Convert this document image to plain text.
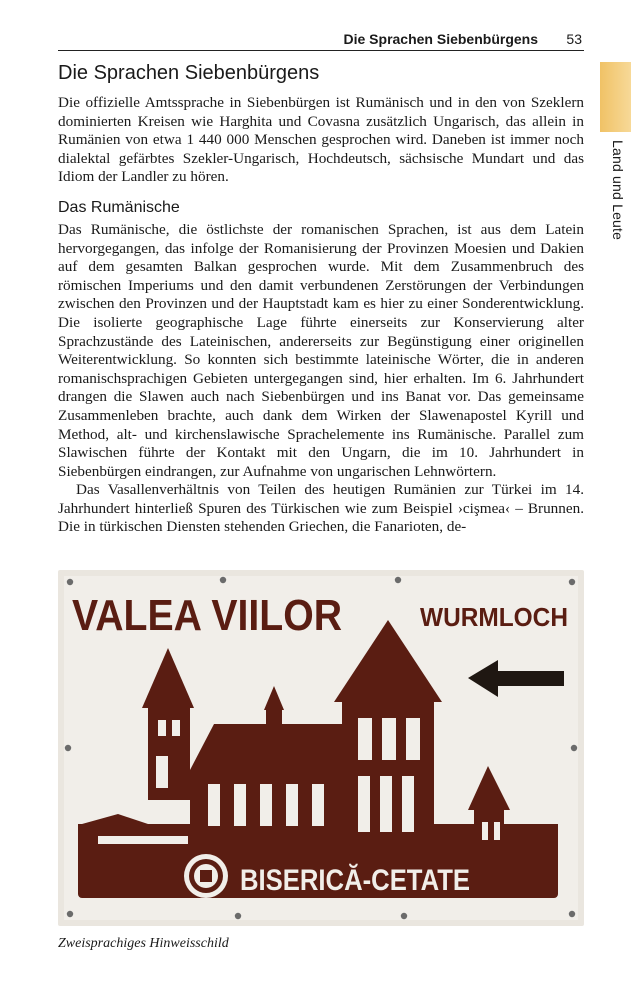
Die Sprachen Siebenbürgens 53
Land und Leute
Die Sprachen Siebenbürgens

Die offizielle Amtssprache in Siebenbürgen ist Rumänisch und in den von Szeklern dominierten Kreisen wie Harghita und Covasna zusätzlich Ungarisch, das allein in Rumänien von etwa 1 440 000 Menschen gesprochen wird. Daneben ist immer noch dialektal gefärbtes Szekler-Ungarisch, Hochdeutsch, sächsische Mundart und das Idiom der Landler zu hören.

Das Rumänische

Das Rumänische, die östlichste der romanischen Sprachen, ist aus dem Latein hervorgegangen, das infolge der Romanisierung der Provinzen Moesien und Dakien auf dem gesamten Balkan gesprochen wurde. Mit dem Zusammenbruch des römischen Imperiums und den damit verbundenen Zerstörungen der Verbindungen zwischen den Provinzen und der Hauptstadt kam es hier zu einer Sonderentwicklung. Die isolierte geographische Lage führte einerseits zur Konservierung alter Sprachzustände des Lateinischen, andererseits zur Begünstigung einer originellen Weiterentwicklung. So konnten sich bestimmte lateinische Wörter, die in anderen romanischsprachigen Gebieten untergegangen sind, hier erhalten. Im 6. Jahrhundert drangen die Slawen auch nach Siebenbürgen und ins Banat vor. Das gemeinsame Zusammenleben brachte, auch dank dem Wirken der Slawenapostel Kyrill und Method, alt- und kirchenslawische Sprachelemente ins Rumänische. Parallel zum Slawischen führte der Kontakt mit den Ungarn, die im 10. Jahrhundert in Siebenbürgen eindrangen, zur Aufnahme von ungarischen Lehnwörtern.

Das Vasallenverhältnis von Teilen des heutigen Rumänien zur Türkei im 14. Jahrhundert hinterließ Spuren des Türkischen wie zum Beispiel ›cişmea‹ – Brunnen. Die in türkischen Diensten stehenden Griechen, die Fanarioten, de-

VALEA VIILOR	WURMLOCH
BISERICĂ-CETATE
Zweisprachiges Hinweisschild
